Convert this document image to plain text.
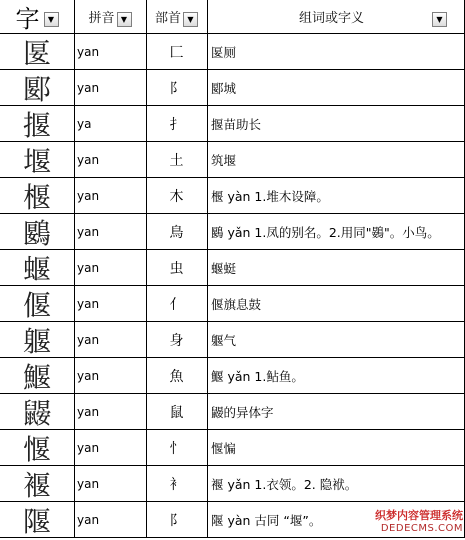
字 ▼	拼音 ▼ 部首 ▼	组词或字义	▼
匽	yan	匚	匽厕
郾	yan	阝	郾城
揠	ya	扌	揠苗助长
堰	yan	土	筑堰
椻	yan	木	椻 yàn 1.堆木设障。
鶠	yan	鳥	鶠 yǎn 1.凤的别名。2.用同"鷃"。小鸟。
蝘	yan	虫	蝘蜓
偃	yan	亻	偃旗息鼓
躽	yan	身	躽气
鰋	yan	魚	鰋 yǎn 1.鲇鱼。
鼹	yan	鼠	鼹的异体字
愝	yan	忄	愝惼
褗	yan	衤	褗 yǎn 1.衣领。2. 隐袱。
隁	yan	阝	隁 yàn 古同 “堰”。	织梦内容管理系统
DEDECMS.COM
